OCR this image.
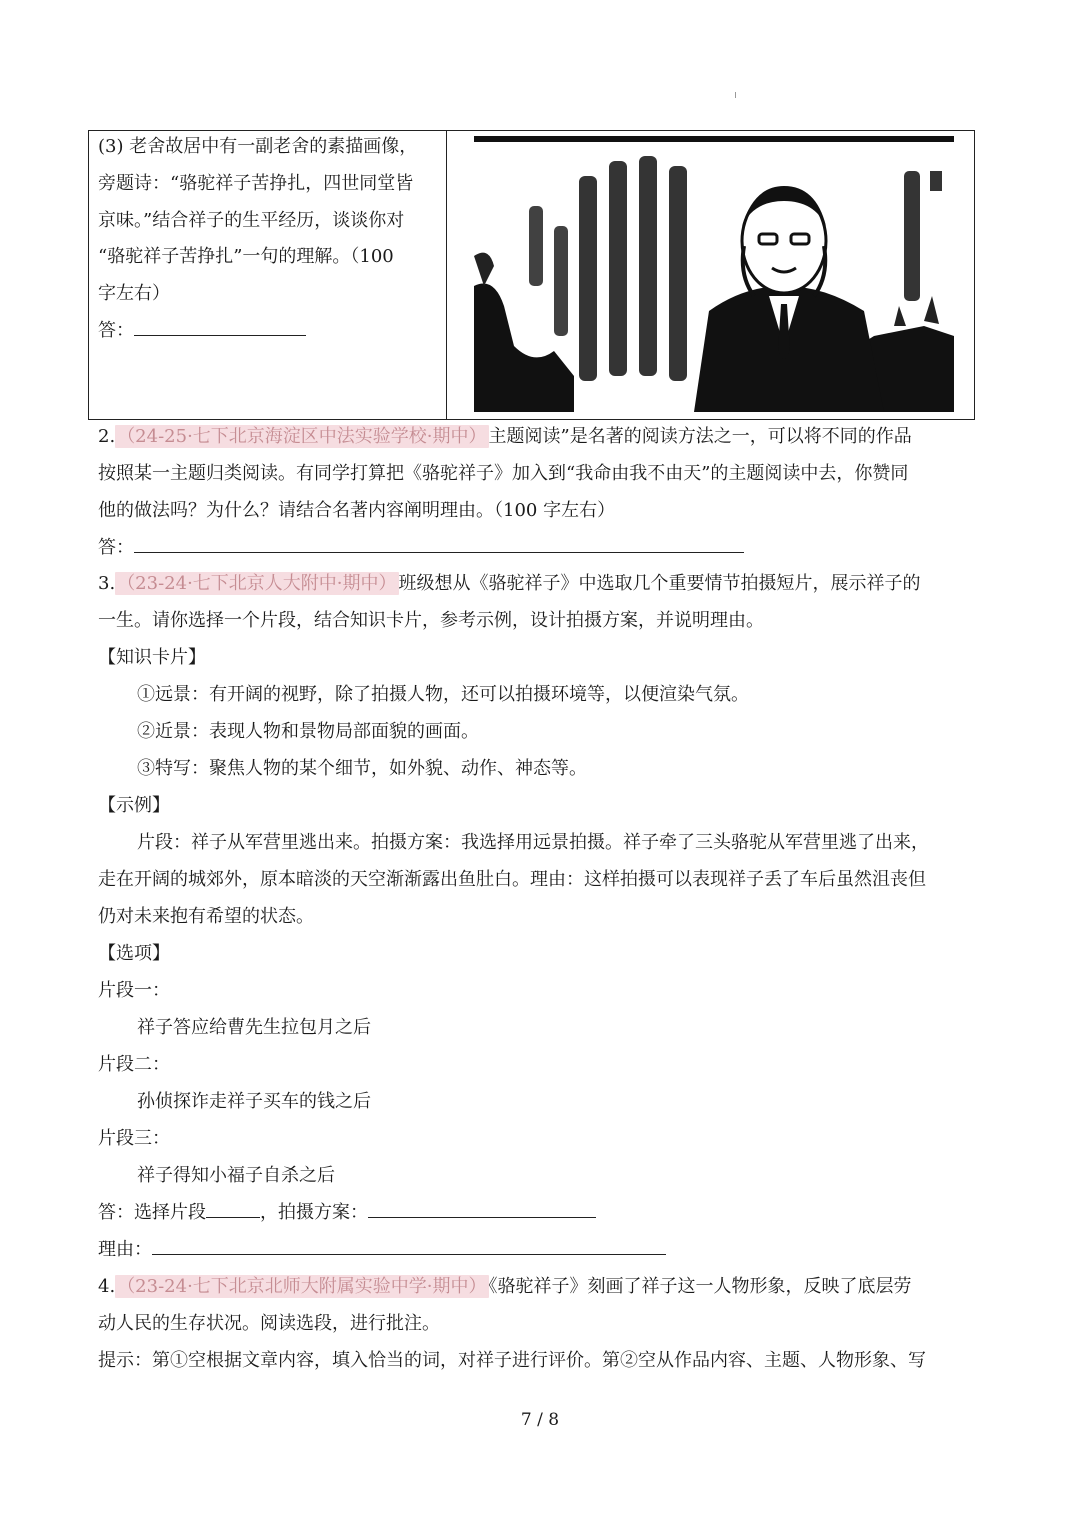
(3) 老舍故居中有一副老舍的素描画像，
旁题诗：“骆驼祥子苦挣扎，四世同堂皆
京味。”结合祥子的生平经历，谈谈你对
“骆驼祥子苦挣扎”一句的理解。（100
字左右）
答：
2. （24-25·七下北京海淀区中法实验学校·期中） 主题阅读”是名著的阅读方法之一，可以将不同的作品
按照某一主题归类阅读。有同学打算把《骆驼祥子》加入到“我命由我不由天”的主题阅读中去，你赞同
他的做法吗？为什么？请结合名著内容阐明理由。（100 字左右）
答：
3. （23-24·七下北京人大附中·期中） 班级想从《骆驼祥子》中选取几个重要情节拍摄短片，展示祥子的
一生。请你选择一个片段，结合知识卡片，参考示例，设计拍摄方案，并说明理由。
【知识卡片】
①远景：有开阔的视野，除了拍摄人物，还可以拍摄环境等，以便渲染气氛。
②近景：表现人物和景物局部面貌的画面。
③特写：聚焦人物的某个细节，如外貌、动作、神态等。
【示例】
片段：祥子从军营里逃出来。拍摄方案：我选择用远景拍摄。祥子牵了三头骆驼从军营里逃了出来，
走在开阔的城郊外，原本暗淡的天空渐渐露出鱼肚白。理由：这样拍摄可以表现祥子丢了车后虽然沮丧但
仍对未来抱有希望的状态。
【选项】
片段一：
祥子答应给曹先生拉包月之后
片段二：
孙侦探诈走祥子买车的钱之后
片段三：
祥子得知小福子自杀之后
答：选择片段	，拍摄方案：
理由：
4. （23-24·七下北京北师大附属实验中学·期中） 《骆驼祥子》刻画了祥子这一人物形象，反映了底层劳
动人民的生存状况。阅读选段，进行批注。
提示：第①空根据文章内容，填入恰当的词，对祥子进行评价。第②空从作品内容、主题、人物形象、写
7 / 8
